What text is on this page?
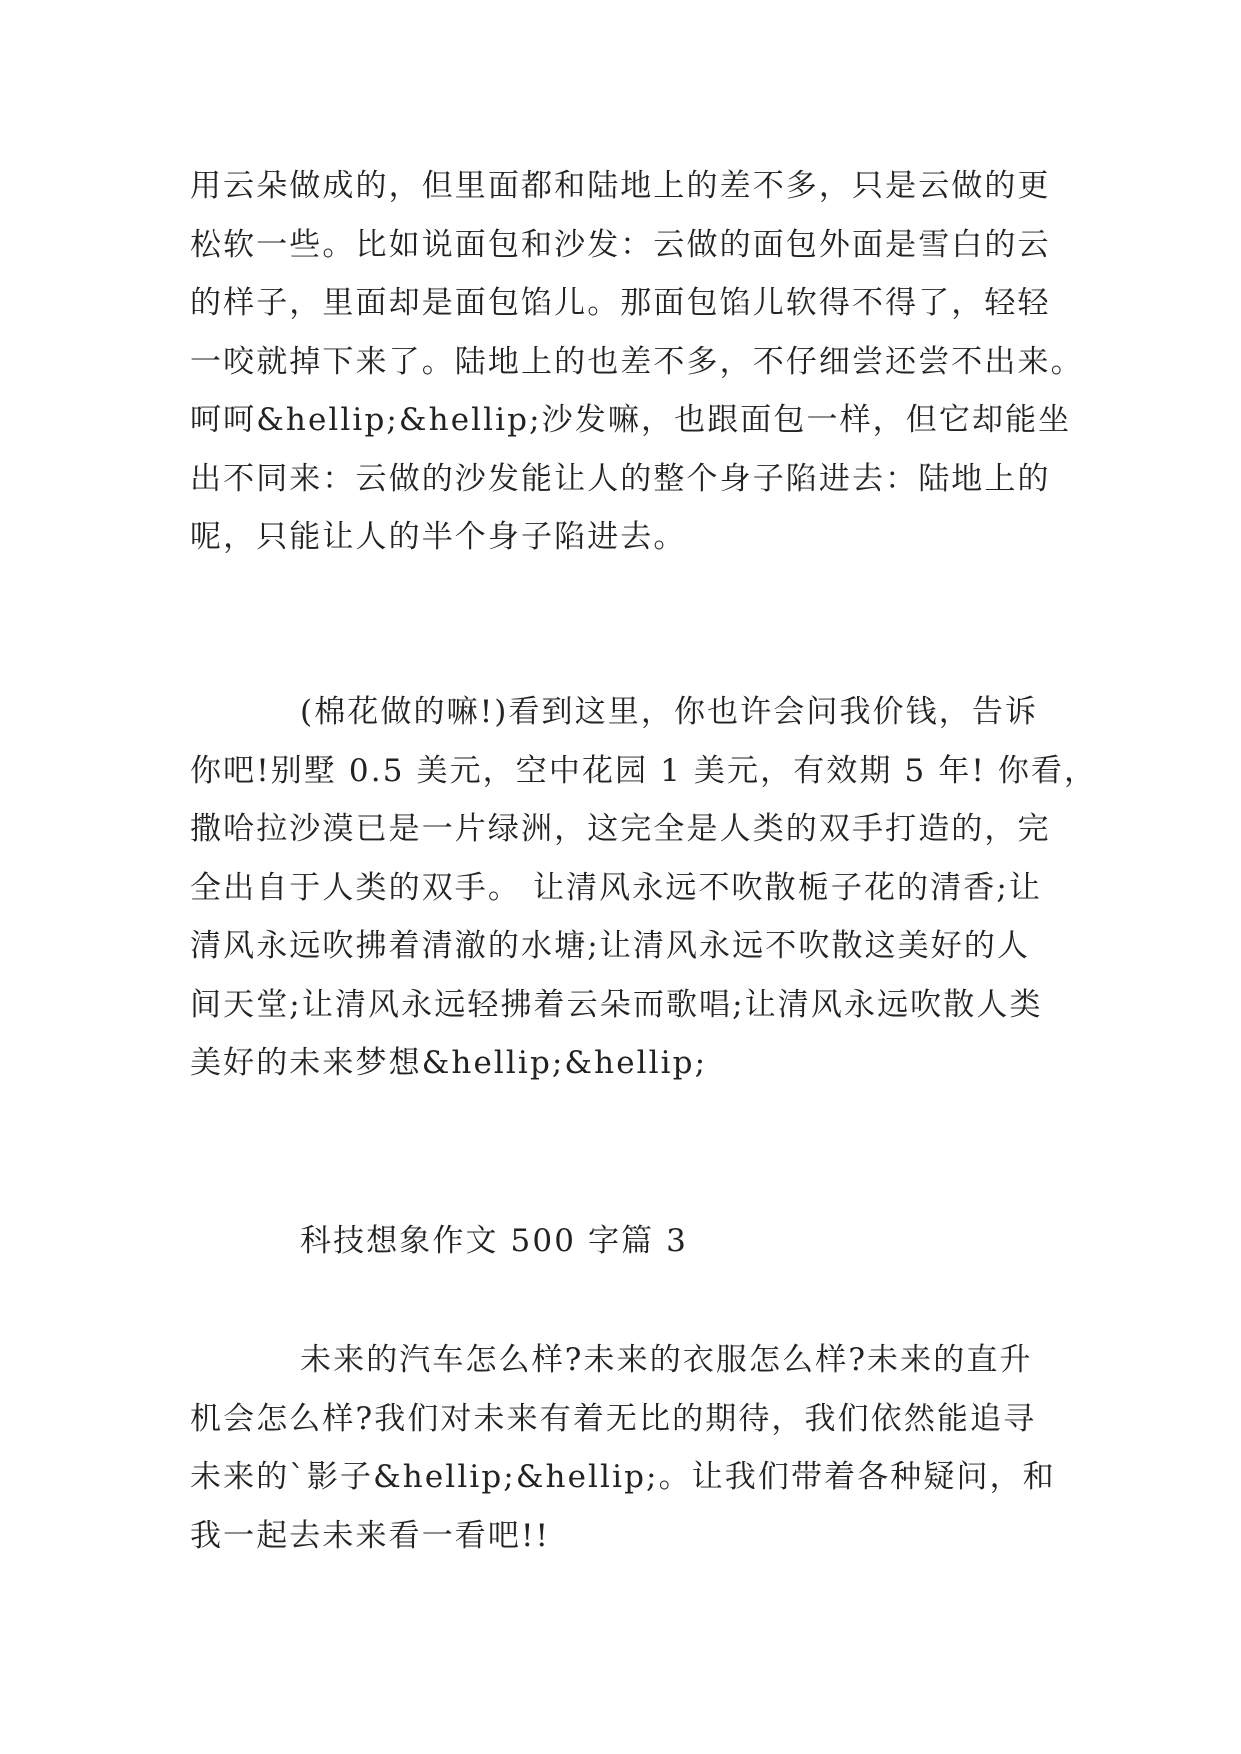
用云朵做成的，但里面都和陆地上的差不多，只是云做的更
松软一些。比如说面包和沙发：云做的面包外面是雪白的云
的样子，里面却是面包馅儿。那面包馅儿软得不得了，轻轻
一咬就掉下来了。陆地上的也差不多，不仔细尝还尝不出来。
呵呵&hellip;&hellip;沙发嘛，也跟面包一样，但它却能坐
出不同来：云做的沙发能让人的整个身子陷进去：陆地上的
呢，只能让人的半个身子陷进去。
(棉花做的嘛!)看到这里，你也许会问我价钱，告诉
你吧!别墅 0.5 美元，空中花园 1 美元，有效期 5 年! 你看，
撒哈拉沙漠已是一片绿洲，这完全是人类的双手打造的，完
全出自于人类的双手。 让清风永远不吹散栀子花的清香;让
清风永远吹拂着清澈的水塘;让清风永远不吹散这美好的人
间天堂;让清风永远轻拂着云朵而歌唱;让清风永远吹散人类
美好的未来梦想&hellip;&hellip;
科技想象作文 500 字篇 3
未来的汽车怎么样?未来的衣服怎么样?未来的直升
机会怎么样?我们对未来有着无比的期待，我们依然能追寻
未来的`影子&hellip;&hellip;。让我们带着各种疑问，和
我一起去未来看一看吧!!
